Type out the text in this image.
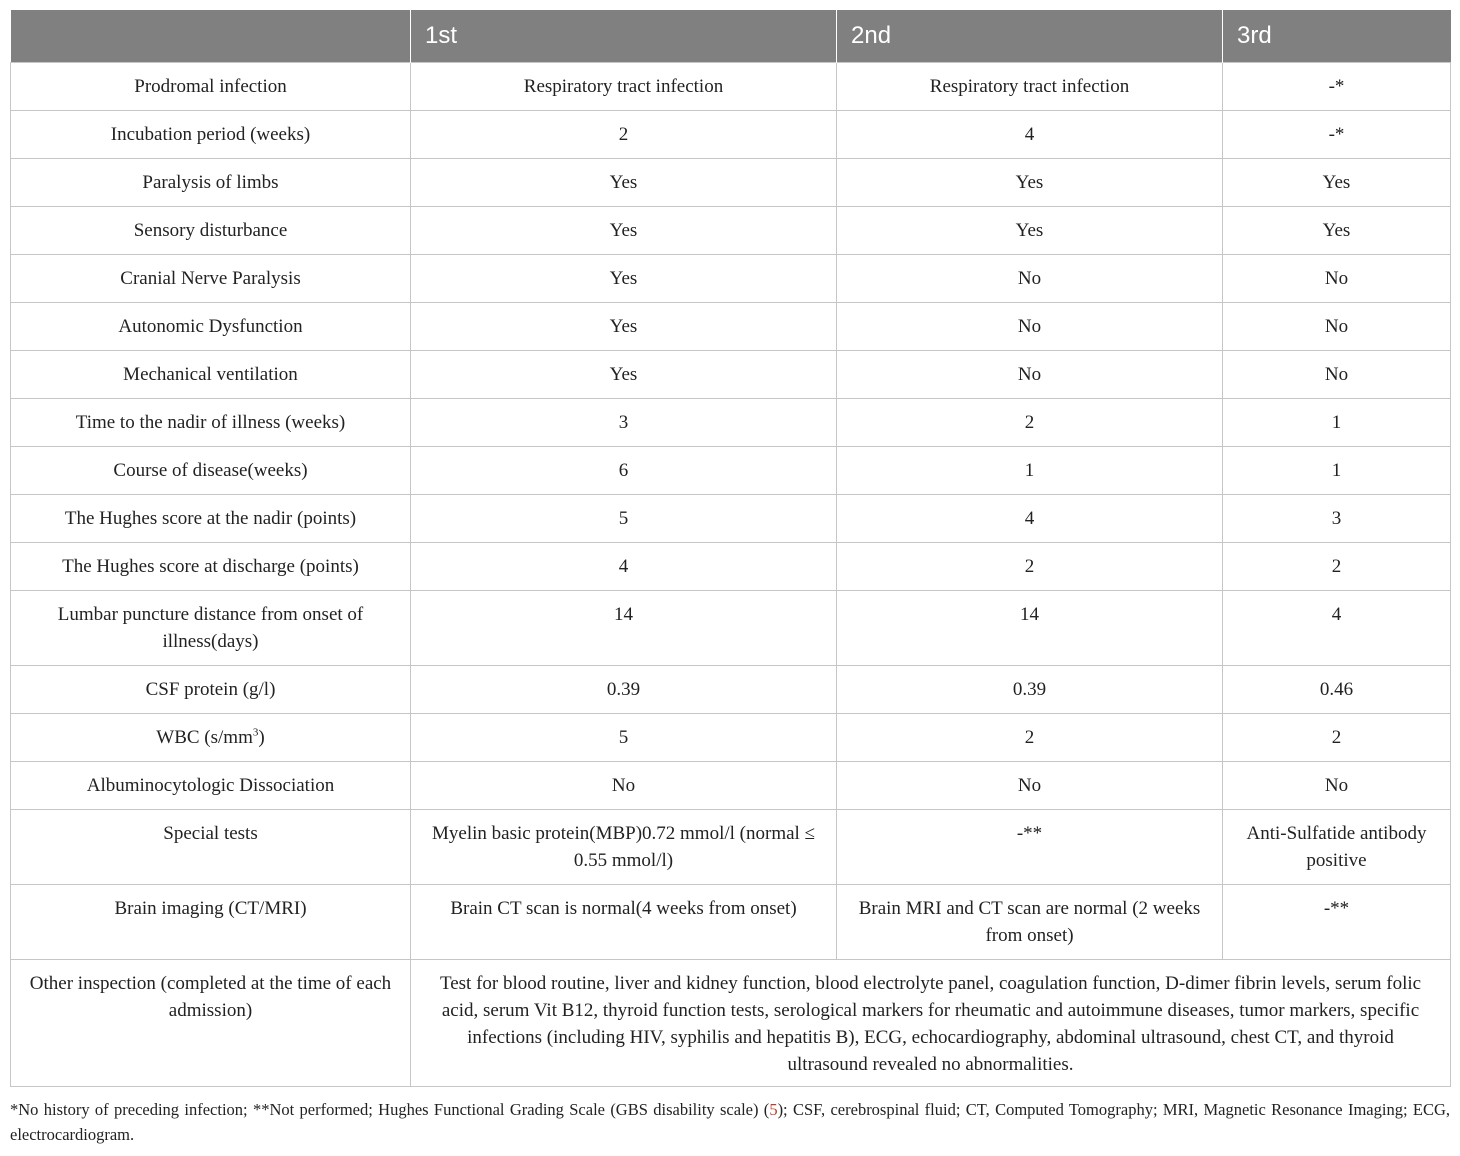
	1st	2nd	3rd
Prodromal infection	Respiratory tract infection	Respiratory tract infection	-*
Incubation period (weeks)	2	4	-*
Paralysis of limbs	Yes	Yes	Yes
Sensory disturbance	Yes	Yes	Yes
Cranial Nerve Paralysis	Yes	No	No
Autonomic Dysfunction	Yes	No	No
Mechanical ventilation	Yes	No	No
Time to the nadir of illness (weeks)	3	2	1
Course of disease(weeks)	6	1	1
The Hughes score at the nadir (points)	5	4	3
The Hughes score at discharge (points)	4	2	2
Lumbar puncture distance from onset of illness(days)	14	14	4
CSF protein (g/l)	0.39	0.39	0.46
WBC $(s/mm^3)$	5	2	2
Albuminocytologic Dissociation	No	No	No
Special tests	Myelin basic protein(MBP)0.72 mmol/l (normal ≤ 0.55 mmol/l)	-**	Anti-Sulfatide antibody positive
Brain imaging (CT/MRI)	Brain CT scan is normal(4 weeks from onset)	Brain MRI and CT scan are normal (2 weeks from onset)	-**
Other inspection (completed at the time of each admission)	Test for blood routine, liver and kidney function, blood electrolyte panel, coagulation function, D-dimer fibrin levels, serum folic acid, serum Vit B12, thyroid function tests, serological markers for rheumatic and autoimmune diseases, tumor markers, specific infections (including HIV, syphilis and hepatitis B), ECG, echocardiography, abdominal ultrasound, chest CT, and thyroid ultrasound revealed no abnormalities.		
*No history of preceding infection; **Not performed; Hughes Functional Grading Scale (GBS disability scale) (5); CSF, cerebrospinal fluid; CT, Computed Tomography; MRI, Magnetic Resonance Imaging; ECG, electrocardiogram.
